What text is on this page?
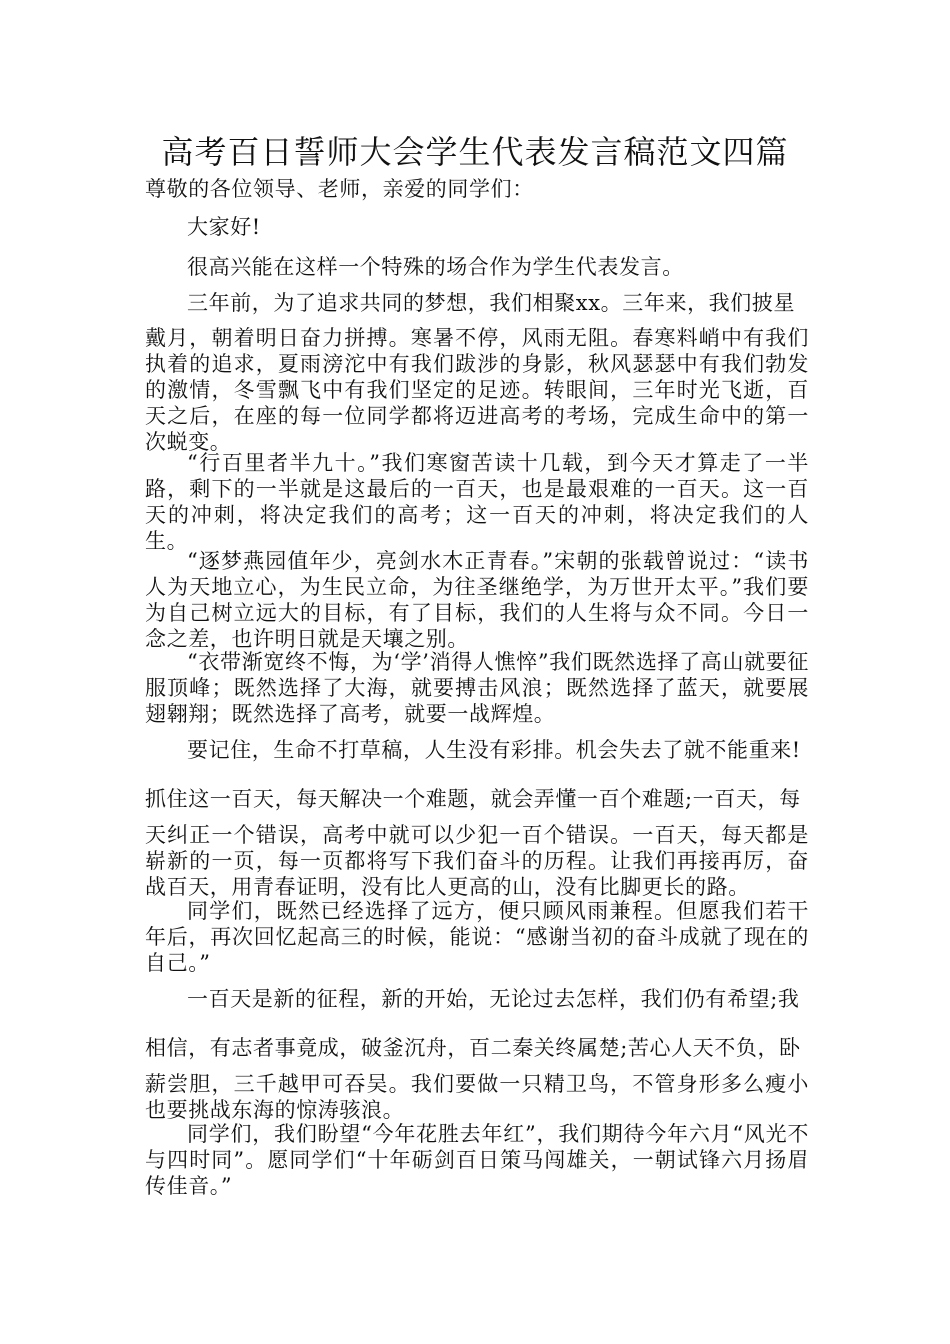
高考百日誓师大会学生代表发言稿范文四篇
尊敬的各位领导、老师，亲爱的同学们：
大家好!
很高兴能在这样一个特殊的场合作为学生代表发言。
三年前，为了追求共同的梦想，我们相聚xx。三年来，我们披星
戴月，朝着明日奋力拼搏。寒暑不停，风雨无阻。春寒料峭中有我们执着的追求，夏雨滂沱中有我们跋涉的身影，秋风瑟瑟中有我们勃发的激情，冬雪飘飞中有我们坚定的足迹。转眼间，三年时光飞逝，百天之后，在座的每一位同学都将迈进高考的考场，完成生命中的第一次蜕变。
“行百里者半九十。”我们寒窗苦读十几载，到今天才算走了一半路，剩下的一半就是这最后的一百天，也是最艰难的一百天。这一百天的冲刺，将决定我们的高考；这一百天的冲刺，将决定我们的人生。
“逐梦燕园值年少，亮剑水木正青春。”宋朝的张载曾说过：“读书人为天地立心，为生民立命，为往圣继绝学，为万世开太平。”我们要为自己树立远大的目标，有了目标，我们的人生将与众不同。今日一念之差，也许明日就是天壤之别。
“衣带渐宽终不悔，为‘学’消得人憔悴”我们既然选择了高山就要征服顶峰；既然选择了大海，就要搏击风浪；既然选择了蓝天，就要展翅翱翔；既然选择了高考，就要一战辉煌。
要记住，生命不打草稿，人生没有彩排。机会失去了就不能重来!
抓住这一百天，每天解决一个难题，就会弄懂一百个难题;一百天，每
天纠正一个错误，高考中就可以少犯一百个错误。一百天，每天都是崭新的一页，每一页都将写下我们奋斗的历程。让我们再接再厉，奋战百天，用青春证明，没有比人更高的山，没有比脚更长的路。
同学们，既然已经选择了远方，便只顾风雨兼程。但愿我们若干年后，再次回忆起高三的时候，能说：“感谢当初的奋斗成就了现在的自己。”
一百天是新的征程，新的开始，无论过去怎样，我们仍有希望;我
相信，有志者事竟成，破釜沉舟，百二秦关终属楚;苦心人天不负，卧
薪尝胆，三千越甲可吞吴。我们要做一只精卫鸟，不管身形多么瘦小也要挑战东海的惊涛骇浪。
同学们，我们盼望“今年花胜去年红”，我们期待今年六月“风光不与四时同”。愿同学们“十年砺剑百日策马闯雄关，一朝试锋六月扬眉传佳音。”
